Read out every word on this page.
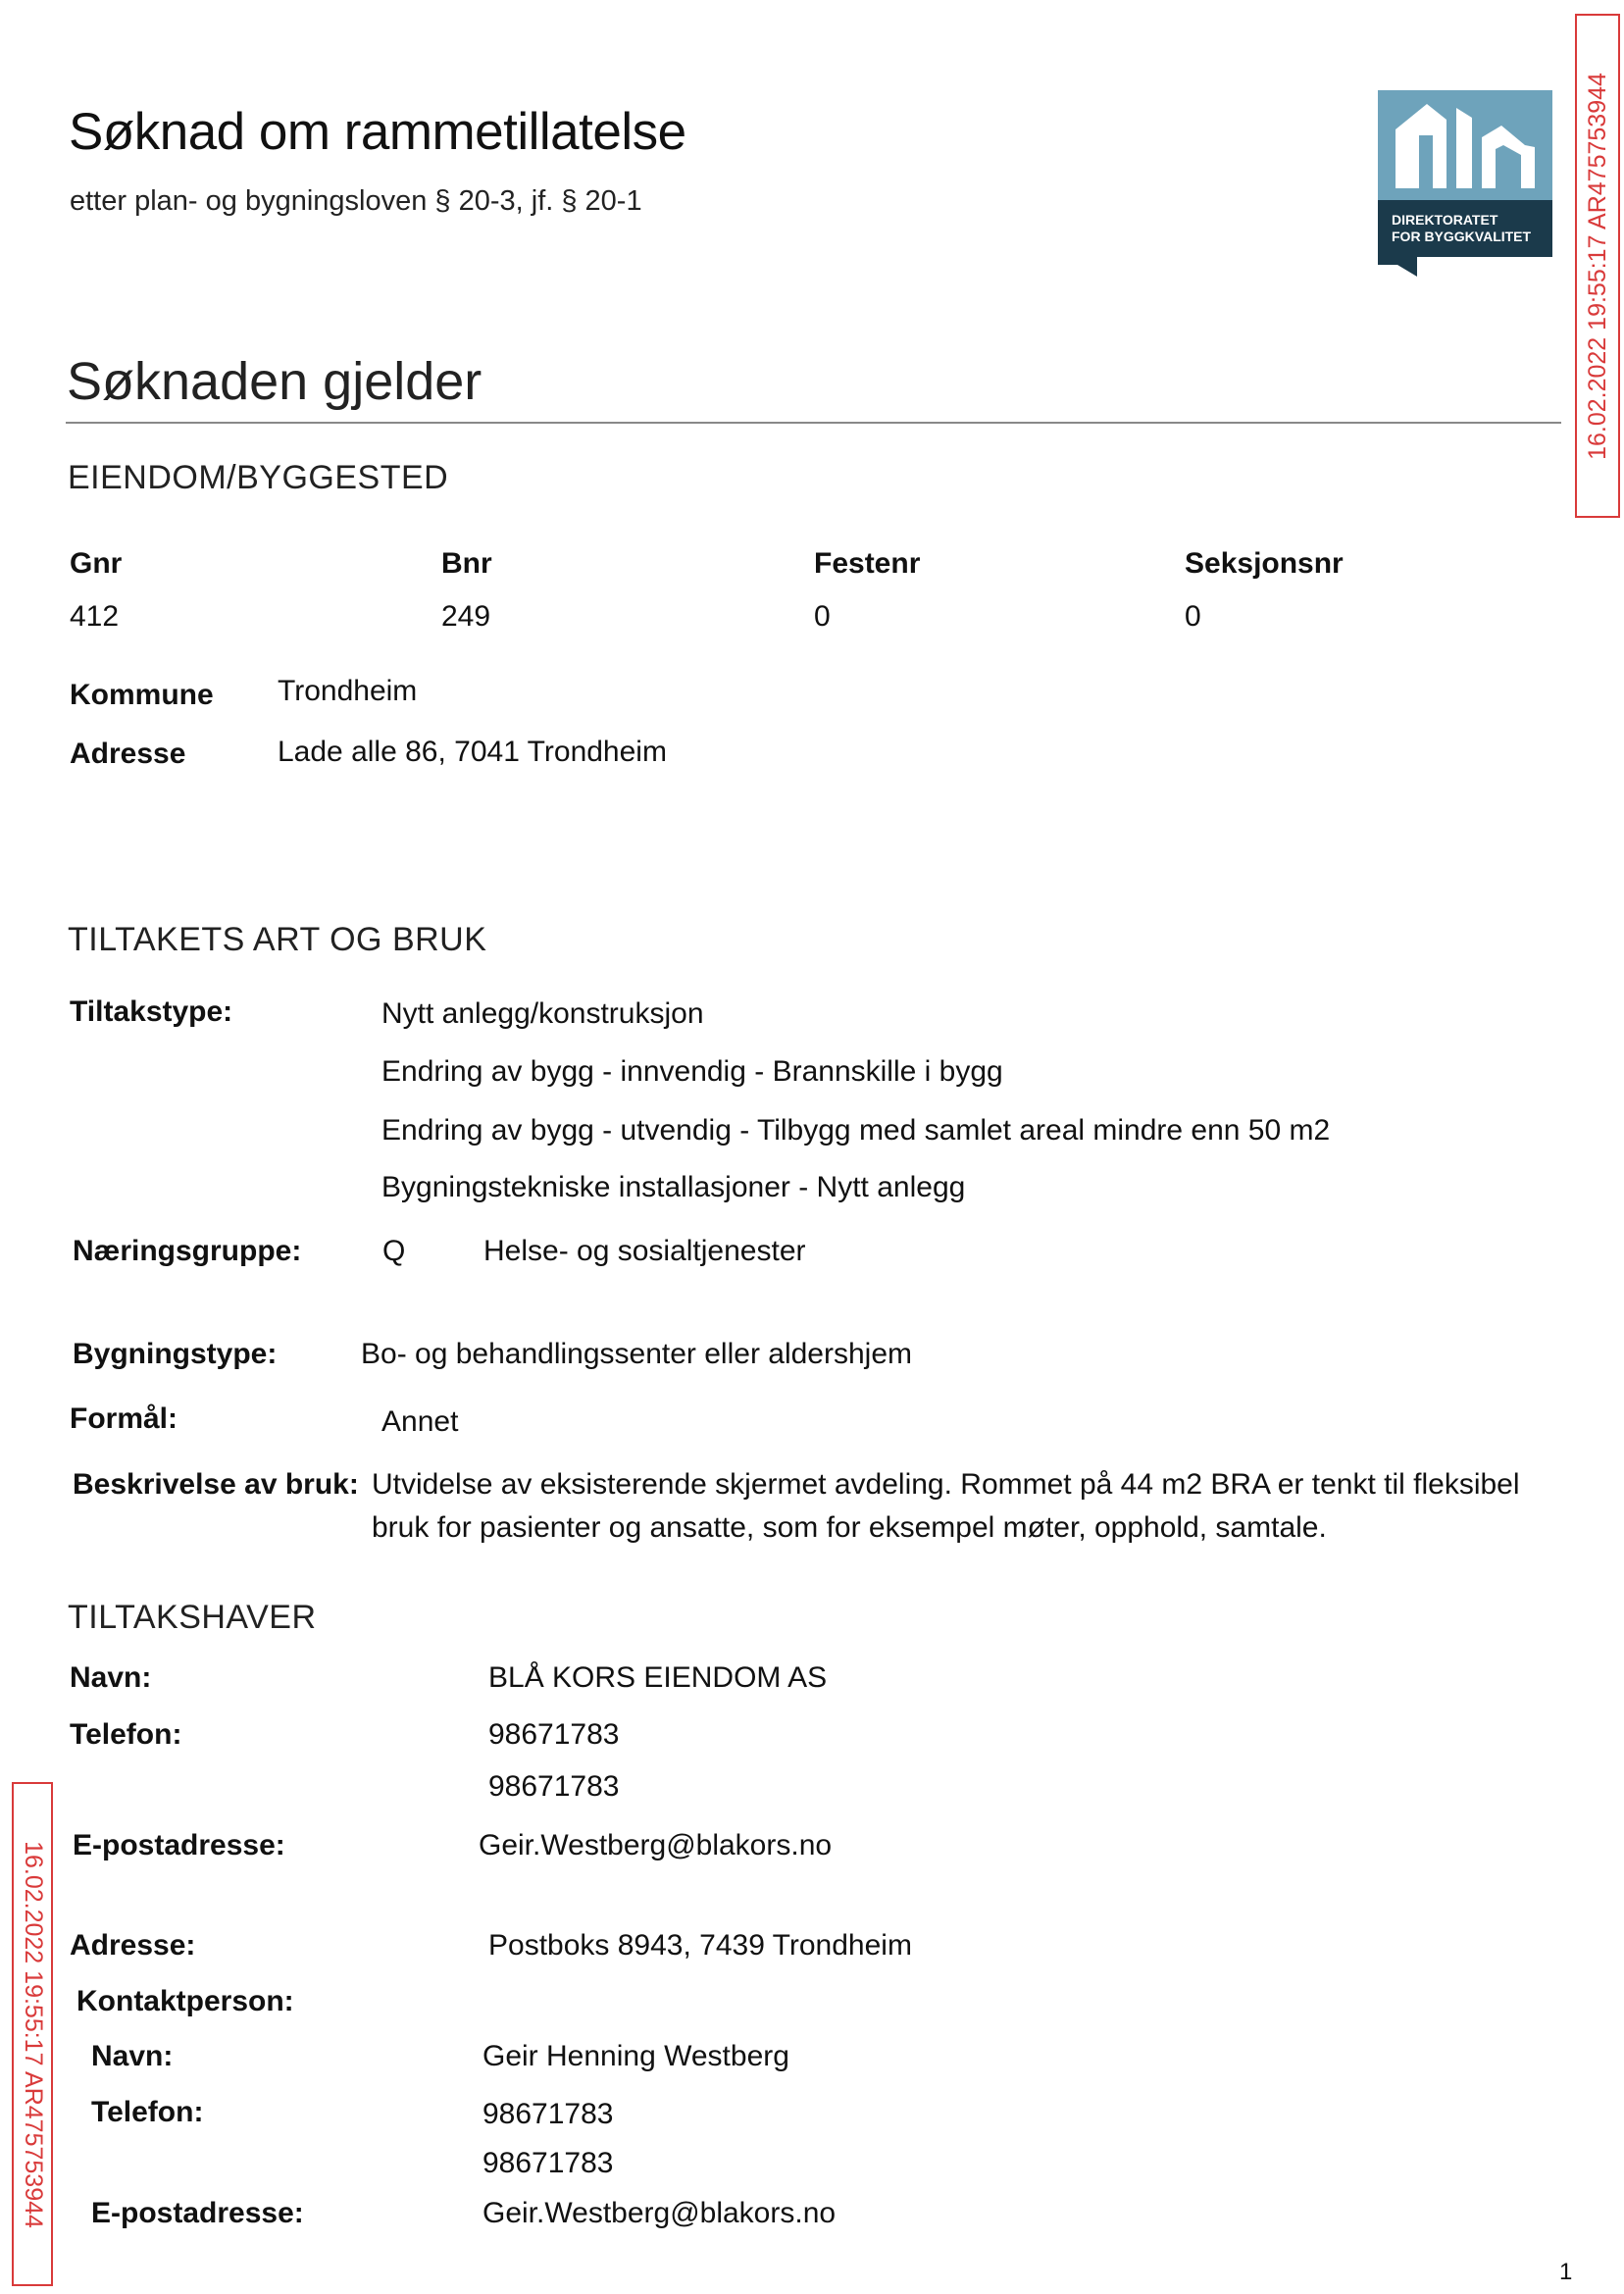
Søknad om rammetillatelse
etter plan- og bygningsloven § 20-3, jf. § 20-1
DIREKTORATET
FOR BYGGKVALITET 16.02.2022 19:55:17 AR475753944
16.02.2022 19:55:17 AR475753944
Søknaden gjelder
EIENDOM/BYGGESTED
Gnr	Bnr	Festenr	Seksjonsnr
412	249	0	0
Kommune Trondheim
Adresse	Lade alle 86, 7041 Trondheim
TILTAKETS ART OG BRUK
Tiltakstype:	Nytt anlegg/konstruksjon
Endring av bygg - innvendig - Brannskille i bygg
Endring av bygg - utvendig - Tilbygg med samlet areal mindre enn 50 m2
Bygningstekniske installasjoner - Nytt anlegg
Næringsgruppe:	Q	Helse- og sosialtjenester
Bygningstype:	Bo- og behandlingssenter eller aldershjem
Formål:	Annet
Beskrivelse av bruk: Utvidelse av eksisterende skjermet avdeling. Rommet på 44 m2 BRA er tenkt til fleksibel
bruk for pasienter og ansatte, som for eksempel møter, opphold, samtale.
TILTAKSHAVER
Navn:	BLÅ KORS EIENDOM AS
Telefon:	98671783
98671783
E-postadresse:	Geir.Westberg@blakors.no
Adresse:	Postboks 8943, 7439 Trondheim
Kontaktperson:
Navn:	Geir Henning Westberg
Telefon:	98671783
98671783
E-postadresse:	Geir.Westberg@blakors.no
1
